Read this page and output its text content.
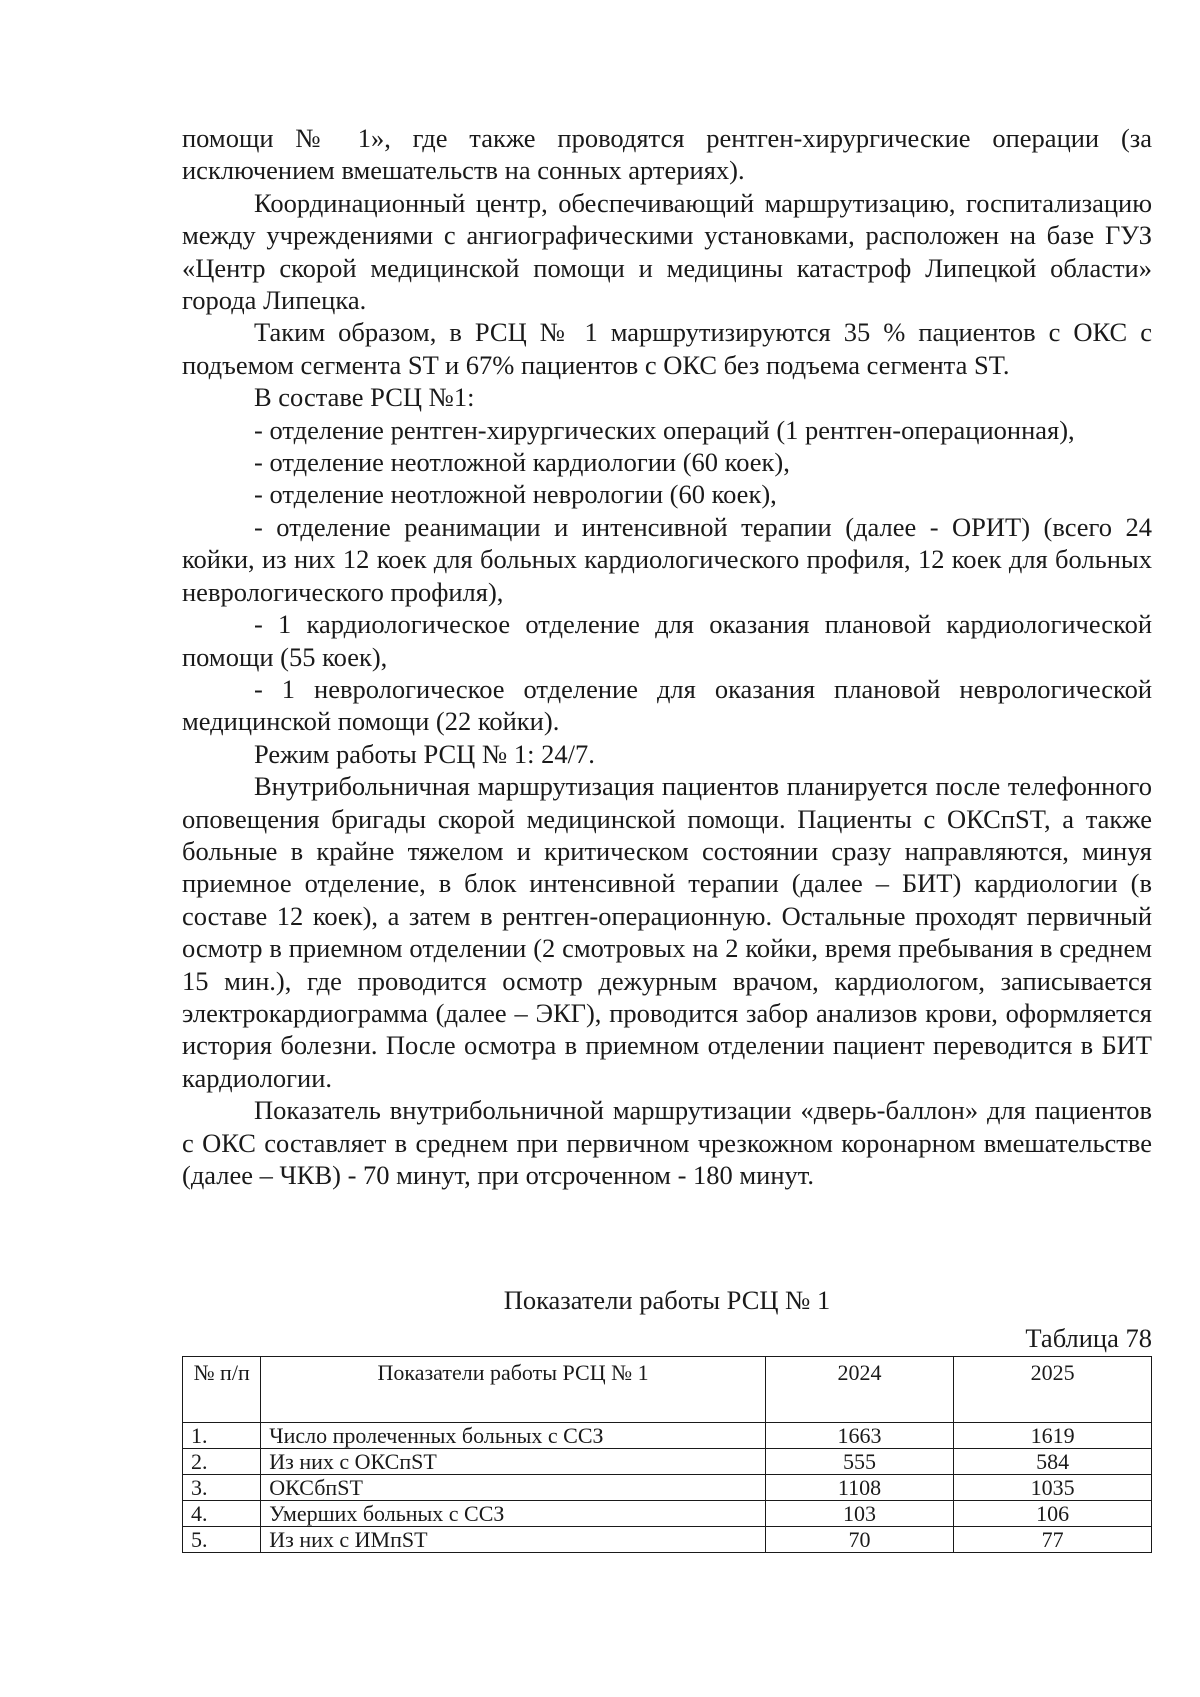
помощи № 1», где также проводятся рентген-хирургические операции (за исключением вмешательств на сонных артериях).

Координационный центр, обеспечивающий маршрутизацию, госпитализацию между учреждениями с ангиографическими установками, расположен на базе ГУЗ «Центр скорой медицинской помощи и медицины катастроф Липецкой области» города Липецка.

Таким образом, в РСЦ № 1 маршрутизируются 35 % пациентов с ОКС с подъемом сегмента ST и 67% пациентов с ОКС без подъема сегмента ST.

В составе РСЦ №1:

- отделение рентген-хирургических операций (1 рентген-операционная),

- отделение неотложной кардиологии (60 коек),

- отделение неотложной неврологии (60 коек),

- отделение реанимации и интенсивной терапии (далее - ОРИТ) (всего 24 койки, из них 12 коек для больных кардиологического профиля, 12 коек для больных неврологического профиля),

- 1 кардиологическое отделение для оказания плановой кардиологической помощи (55 коек),

- 1 неврологическое отделение для оказания плановой неврологической медицинской помощи (22 койки).

Режим работы РСЦ № 1: 24/7.

Внутрибольничная маршрутизация пациентов планируется после телефонного оповещения бригады скорой медицинской помощи. Пациенты с ОКСпST, а также больные в крайне тяжелом и критическом состоянии сразу направляются, минуя приемное отделение, в блок интенсивной терапии (далее – БИТ) кардиологии (в составе 12 коек), а затем в рентген-операционную. Остальные проходят первичный осмотр в приемном отделении (2 смотровых на 2 койки, время пребывания в среднем 15 мин.), где проводится осмотр дежурным врачом, кардиологом, записывается электрокардиограмма (далее – ЭКГ), проводится забор анализов крови, оформляется история болезни. После осмотра в приемном отделении пациент переводится в БИТ кардиологии.

Показатель внутрибольничной маршрутизации «дверь-баллон» для пациентов с ОКС составляет в среднем при первичном чрезкожном коронарном вмешательстве (далее – ЧКВ) - 70 минут, при отсроченном - 180 минут.

Показатели работы РСЦ № 1
Таблица 78
№ п/п	Показатели работы РСЦ № 1	2024	2025
1.	Число пролеченных больных с ССЗ	1663	1619
2.	Из них с ОКСпST	555	584
3.	ОКСбпST	1108	1035
4.	Умерших больных с ССЗ	103	106
5.	Из них с ИМпST	70	77
